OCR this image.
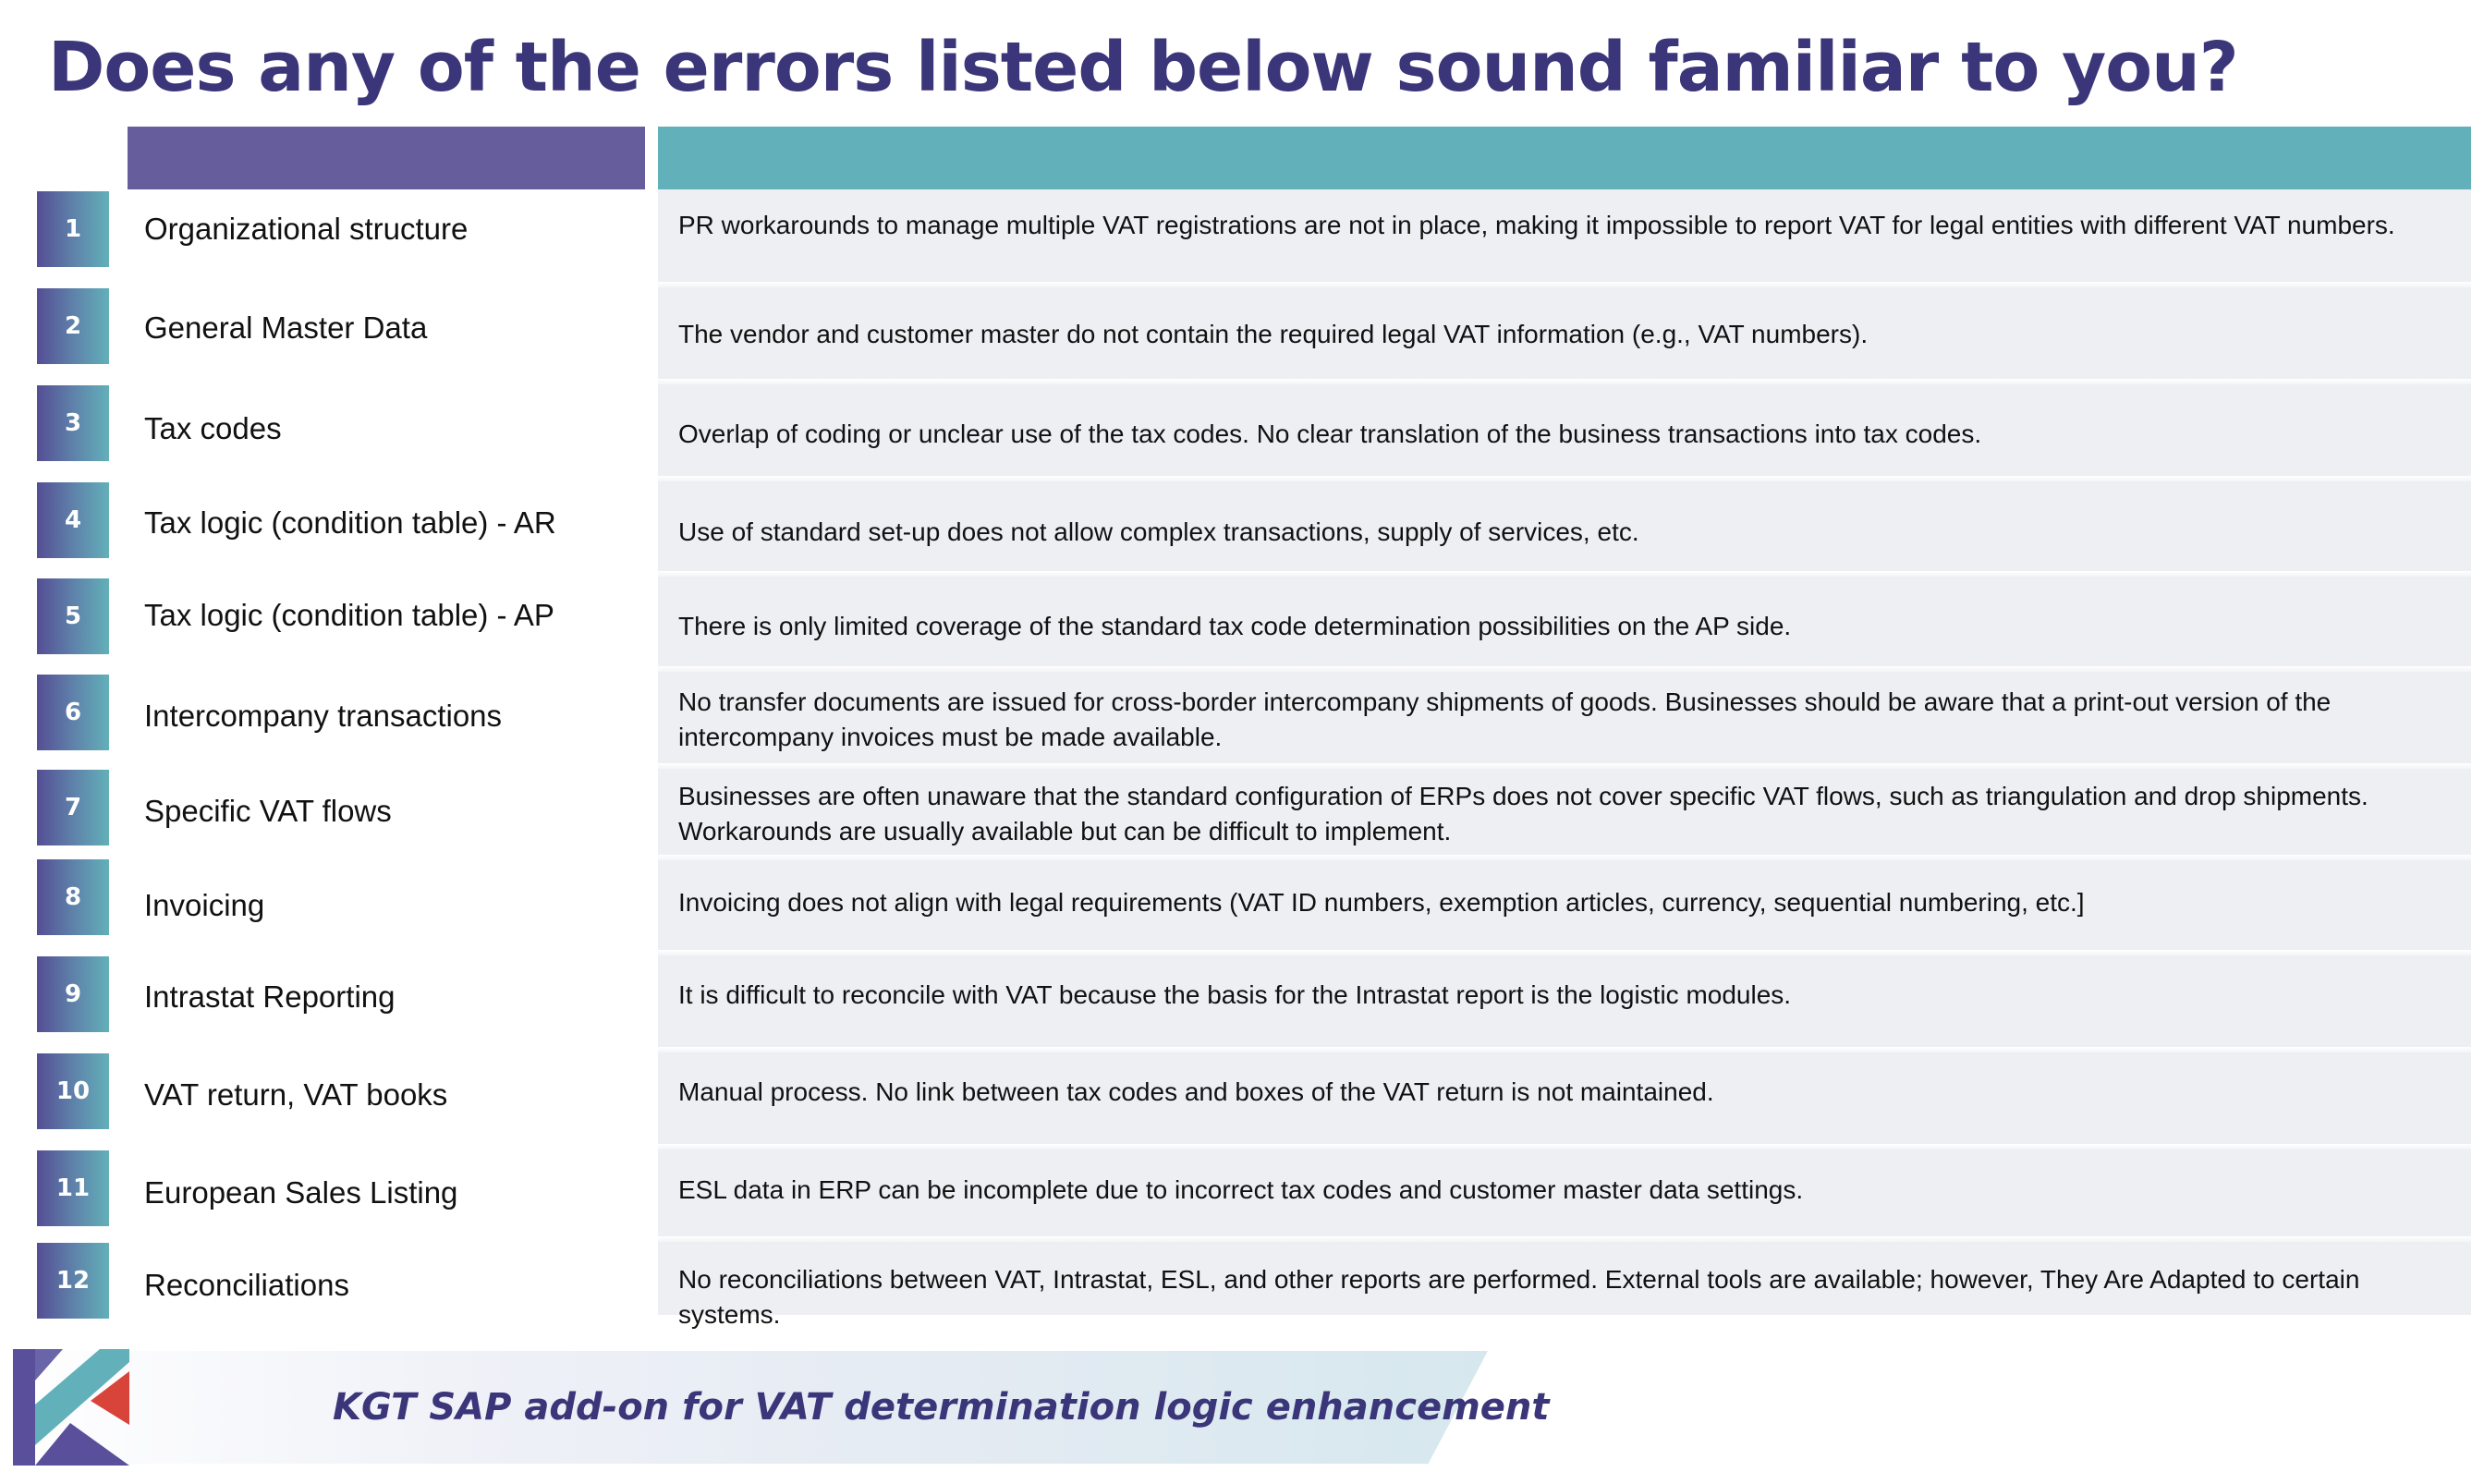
Does any of the errors listed below sound familiar to you?
1	Organizational structure	PR workarounds to manage multiple VAT registrations are not in place, making it impossible to report VAT for legal entities with different VAT numbers.
2	General Master Data	The vendor and customer master do not contain the required legal VAT information (e.g., VAT numbers).
3	Tax codes	Overlap of coding or unclear use of the tax codes. No clear translation of the business transactions into tax codes.
4	Tax logic (condition table) - AR	Use of standard set-up does not allow complex transactions, supply of services, etc.
5	Tax logic (condition table) - AP	There is only limited coverage of the standard tax code determination possibilities on the AP side.
6	Intercompany transactions	No transfer documents are issued for cross-border intercompany shipments of goods. Businesses should be aware that a print-out version of the intercompany invoices must be made available.
7	Specific VAT flows	Businesses are often unaware that the standard configuration of ERPs does not cover specific VAT flows, such as triangulation and drop shipments. Workarounds are usually available but can be difficult to implement.
8	Invoicing	Invoicing does not align with legal requirements (VAT ID numbers, exemption articles, currency, sequential numbering, etc.]
9	Intrastat Reporting	It is difficult to reconcile with VAT because the basis for the Intrastat report is the logistic modules.
10	VAT return, VAT books	Manual process. No link between tax codes and boxes of the VAT return is not maintained.
11	European Sales Listing	ESL data in ERP can be incomplete due to incorrect tax codes and customer master data settings.
12	Reconciliations	No reconciliations between VAT, Intrastat, ESL, and other reports are performed. External tools are available; however, They Are Adapted to certain systems.
KGT SAP add-on for VAT determination logic enhancement
